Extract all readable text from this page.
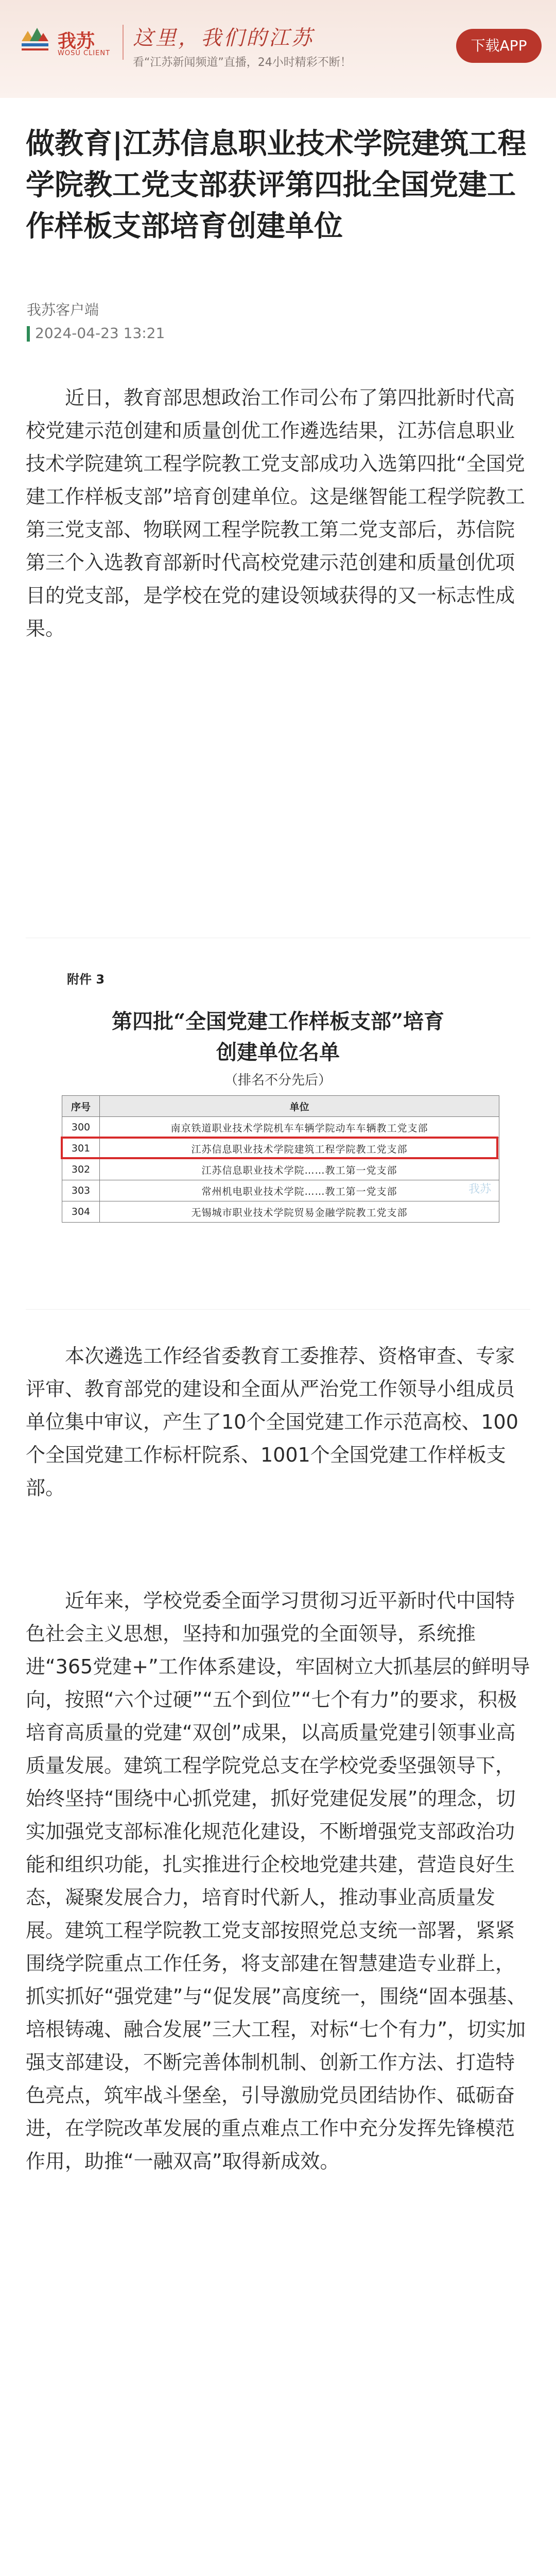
我苏
WOSU CLIENT
这里，我们的江苏
看“江苏新闻频道”直播，24小时精彩不断！
下载APP
做教育|江苏信息职业技术学院建筑工程学院教工党支部获评第四批全国党建工作样板支部培育创建单位
我苏客户端
2024-04-23 13:21

近日，教育部思想政治工作司公布了第四批新时代高校党建示范创建和质量创优工作遴选结果，江苏信息职业技术学院建筑工程学院教工党支部成功入选第四批“全国党建工作样板支部”培育创建单位。这是继智能工程学院教工第三党支部、物联网工程学院教工第二党支部后，苏信院第三个入选教育部新时代高校党建示范创建和质量创优项目的党支部，是学校在党的建设领域获得的又一标志性成果。

附件 3
第四批“全国党建工作样板支部”培育
创建单位名单
（排名不分先后）
序号	单位
300	南京铁道职业技术学院机车车辆学院动车车辆教工党支部
301	江苏信息职业技术学院建筑工程学院教工党支部
302	江苏信息职业技术学院……教工第一党支部
303	常州机电职业技术学院……教工第一党支部
304	无锡城市职业技术学院贸易金融学院教工党支部
我苏

本次遴选工作经省委教育工委推荐、资格审查、专家评审、教育部党的建设和全面从严治党工作领导小组成员单位集中审议，产生了10个全国党建工作示范高校、100个全国党建工作标杆院系、1001个全国党建工作样板支部。

近年来，学校党委全面学习贯彻习近平新时代中国特色社会主义思想，坚持和加强党的全面领导，系统推进“365党建+”工作体系建设，牢固树立大抓基层的鲜明导向，按照“六个过硬”“五个到位”“七个有力”的要求，积极培育高质量的党建“双创”成果，以高质量党建引领事业高质量发展。建筑工程学院党总支在学校党委坚强领导下，始终坚持“围绕中心抓党建，抓好党建促发展”的理念，切实加强党支部标准化规范化建设，不断增强党支部政治功能和组织功能，扎实推进行企校地党建共建，营造良好生态，凝聚发展合力，培育时代新人，推动事业高质量发展。建筑工程学院教工党支部按照党总支统一部署，紧紧围绕学院重点工作任务，将支部建在智慧建造专业群上，抓实抓好“强党建”与“促发展”高度统一，围绕“固本强基、培根铸魂、融合发展”三大工程，对标“七个有力”，切实加强支部建设，不断完善体制机制、创新工作方法、打造特色亮点，筑牢战斗堡垒，引导激励党员团结协作、砥砺奋进，在学院改革发展的重点难点工作中充分发挥先锋模范作用，助推“一融双高”取得新成效。
